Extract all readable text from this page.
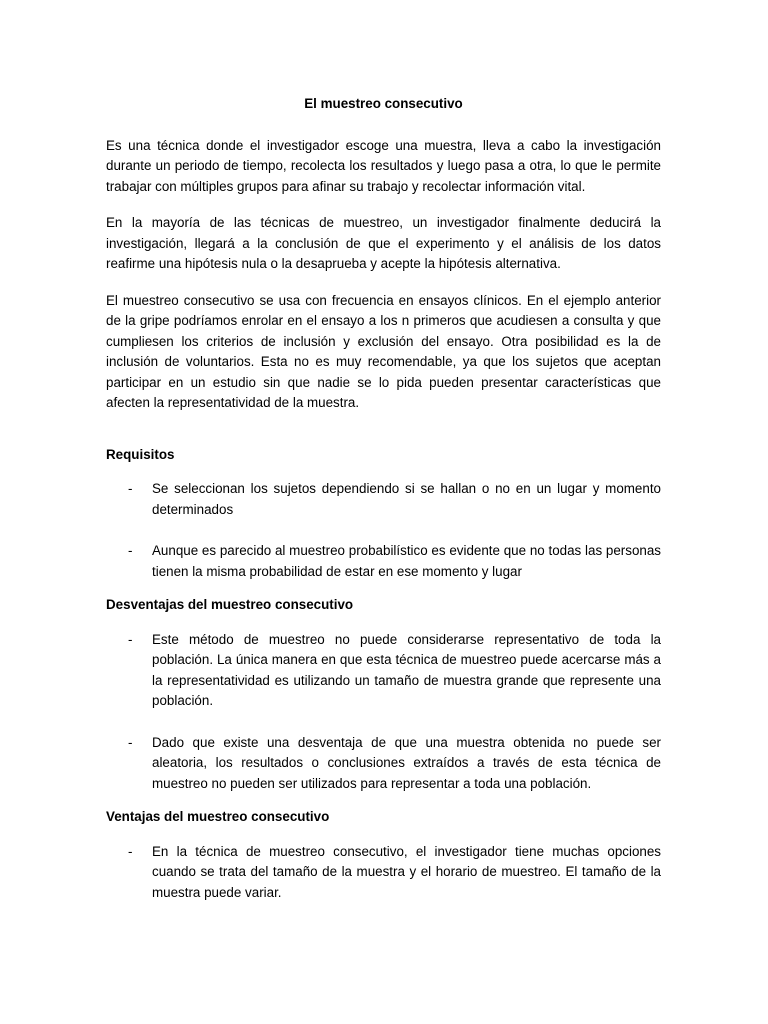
El muestreo consecutivo

Es una técnica donde el investigador escoge una muestra, lleva a cabo la investigación durante un periodo de tiempo, recolecta los resultados y luego pasa a otra, lo que le permite trabajar con múltiples grupos para afinar su trabajo y recolectar información vital.

En la mayoría de las técnicas de muestreo, un investigador finalmente deducirá la investigación, llegará a la conclusión de que el experimento y el análisis de los datos reafirme una hipótesis nula o la desaprueba y acepte la hipótesis alternativa.

El muestreo consecutivo se usa con frecuencia en ensayos clínicos. En el ejemplo anterior de la gripe podríamos enrolar en el ensayo a los n primeros que acudiesen a consulta y que cumpliesen los criterios de inclusión y exclusión del ensayo. Otra posibilidad es la de inclusión de voluntarios. Esta no es muy recomendable, ya que los sujetos que aceptan participar en un estudio sin que nadie se lo pida pueden presentar características que afecten la representatividad de la muestra.

Requisitos
- Se seleccionan los sujetos dependiendo si se hallan o no en un lugar y momento determinados
- Aunque es parecido al muestreo probabilístico es evidente que no todas las personas tienen la misma probabilidad de estar en ese momento y lugar
Desventajas del muestreo consecutivo
- Este método de muestreo no puede considerarse representativo de toda la población. La única manera en que esta técnica de muestreo puede acercarse más a la representatividad es utilizando un tamaño de muestra grande que represente una población.
- Dado que existe una desventaja de que una muestra obtenida no puede ser aleatoria, los resultados o conclusiones extraídos a través de esta técnica de muestreo no pueden ser utilizados para representar a toda una población.
Ventajas del muestreo consecutivo
- En la técnica de muestreo consecutivo, el investigador tiene muchas opciones cuando se trata del tamaño de la muestra y el horario de muestreo. El tamaño de la muestra puede variar.
